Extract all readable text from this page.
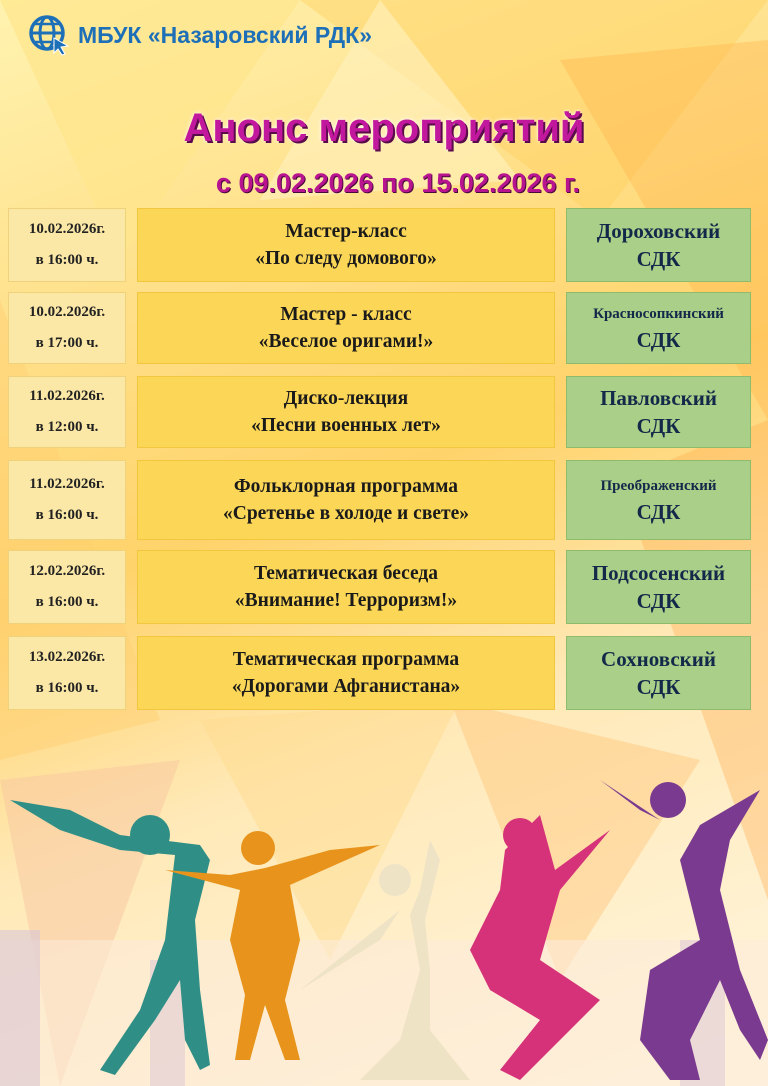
МБУК «Назаровский РДК»
Анонс мероприятий
с 09.02.2026 по 15.02.2026 г.
10.02.2026г.
в 16:00 ч.
Мастер-класс
«По следу домового»
Дороховский
СДК
10.02.2026г.
в 17:00 ч.
Мастер - класс
«Веселое оригами!»
Красносопкинский
СДК
11.02.2026г.
в 12:00 ч.
Диско-лекция
«Песни военных лет»
Павловский
СДК
11.02.2026г.
в 16:00 ч.
Фольклорная программа
«Сретенье в холоде и свете»
Преображенский
СДК
12.02.2026г.
в 16:00 ч.
Тематическая беседа
«Внимание! Терроризм!»
Подсосенский
СДК
13.02.2026г.
в 16:00 ч.
Тематическая программа
«Дорогами Афганистана»
Сохновский
СДК
